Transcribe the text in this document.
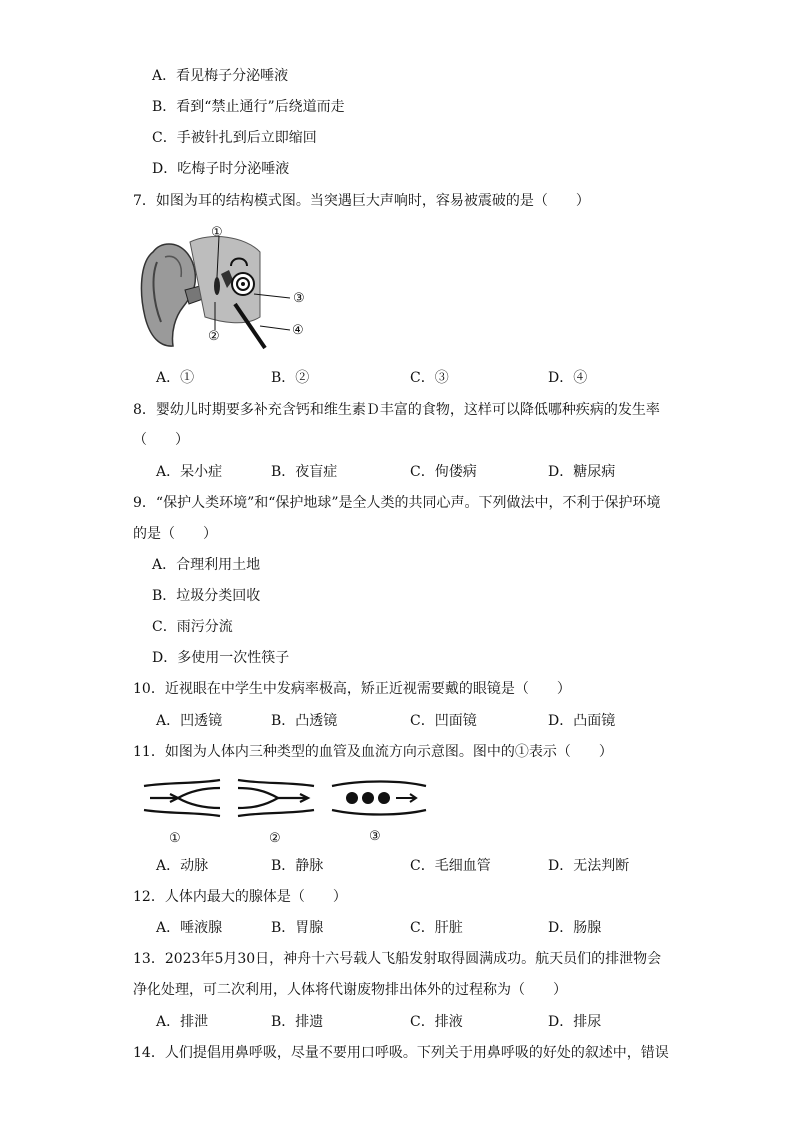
A．看见梅子分泌唾液
B．看到“禁止通行”后绕道而走
C．手被针扎到后立即缩回
D．吃梅子时分泌唾液
7．如图为耳的结构模式图。当突遇巨大声响时，容易被震破的是（　　）
①
②
③
④
A．①	B．②	C．③	D．④
8．婴幼儿时期要多补充含钙和维生素Ｄ丰富的食物，这样可以降低哪种疾病的发生率
（　　）
A．呆小症	B．夜盲症	C．佝偻病	D．糖尿病
9．“保护人类环境”和“保护地球”是全人类的共同心声。下列做法中，不利于保护环境
的是（　　）
A．合理利用土地
B．垃圾分类回收
C．雨污分流
D．多使用一次性筷子
10．近视眼在中学生中发病率极高，矫正近视需要戴的眼镜是（　　）
A．凹透镜	B．凸透镜	C．凹面镜	D．凸面镜
11．如图为人体内三种类型的血管及血流方向示意图。图中的①表示（　　）
①	②	③
A．动脉	B．静脉	C．毛细血管	D．无法判断
12．人体内最大的腺体是（　　）
A．唾液腺	B．胃腺	C．肝脏	D．肠腺
13．2023年5月30日，神舟十六号载人飞船发射取得圆满成功。航天员们的排泄物会
净化处理，可二次利用，人体将代谢废物排出体外的过程称为（　　）
A．排泄	B．排遗	C．排液	D．排尿
14．人们提倡用鼻呼吸，尽量不要用口呼吸。下列关于用鼻呼吸的好处的叙述中，错误
